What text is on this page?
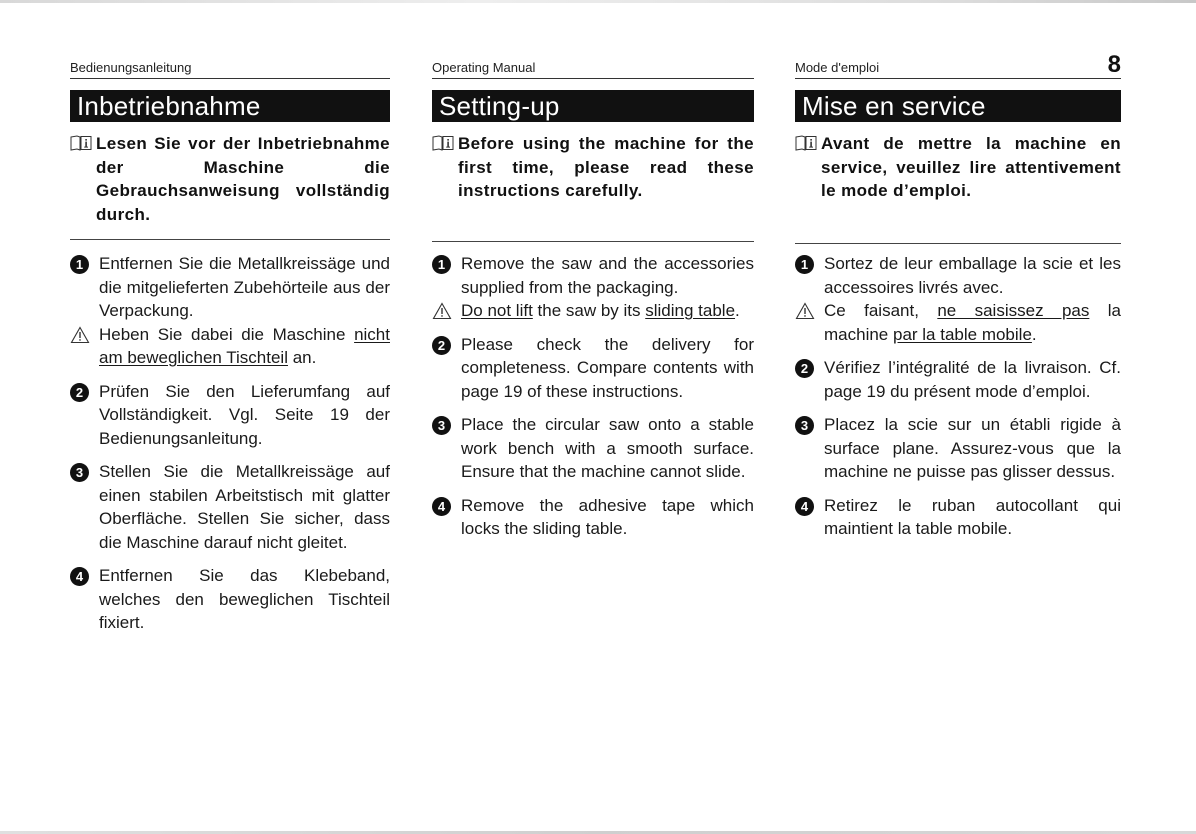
Bedienungsanleitung
Inbetriebnahme
Lesen Sie vor der Inbetriebnahme der Maschine die Gebrauchsanweisung vollständig durch.
1 Entfernen Sie die Metallkreissäge und die mitgelieferten Zubehörteile aus der Verpackung.
Heben Sie dabei die Maschine nicht am beweglichen Tischteil an.
2 Prüfen Sie den Lieferumfang auf Vollständigkeit. Vgl. Seite 19 der Bedienungsanleitung.
3 Stellen Sie die Metallkreissäge auf einen stabilen Arbeitstisch mit glatter Oberfläche. Stellen Sie sicher, dass die Maschine darauf nicht gleitet.
4 Entfernen Sie das Klebeband, welches den beweglichen Tischteil fixiert.
Operating Manual
Setting-up
Before using the machine for the first time, please read these instructions carefully.
1 Remove the saw and the accessories supplied from the packaging.
Do not lift the saw by its sliding table.
2 Please check the delivery for completeness. Compare contents with page 19 of these instructions.
3 Place the circular saw onto a stable work bench with a smooth surface. Ensure that the machine cannot slide.
4 Remove the adhesive tape which locks the sliding table.
Mode d'emploi	8
Mise en service
Avant de mettre la machine en service, veuillez lire attentivement le mode d’emploi.
1 Sortez de leur emballage la scie et les accessoires livrés avec.
Ce faisant, ne saisissez pas la machine par la table mobile.
2 Vérifiez l’intégralité de la livraison. Cf. page 19 du présent mode d’emploi.
3 Placez la scie sur un établi rigide à surface plane. Assurez-vous que la machine ne puisse pas glisser dessus.
4 Retirez le ruban autocollant qui maintient la table mobile.
